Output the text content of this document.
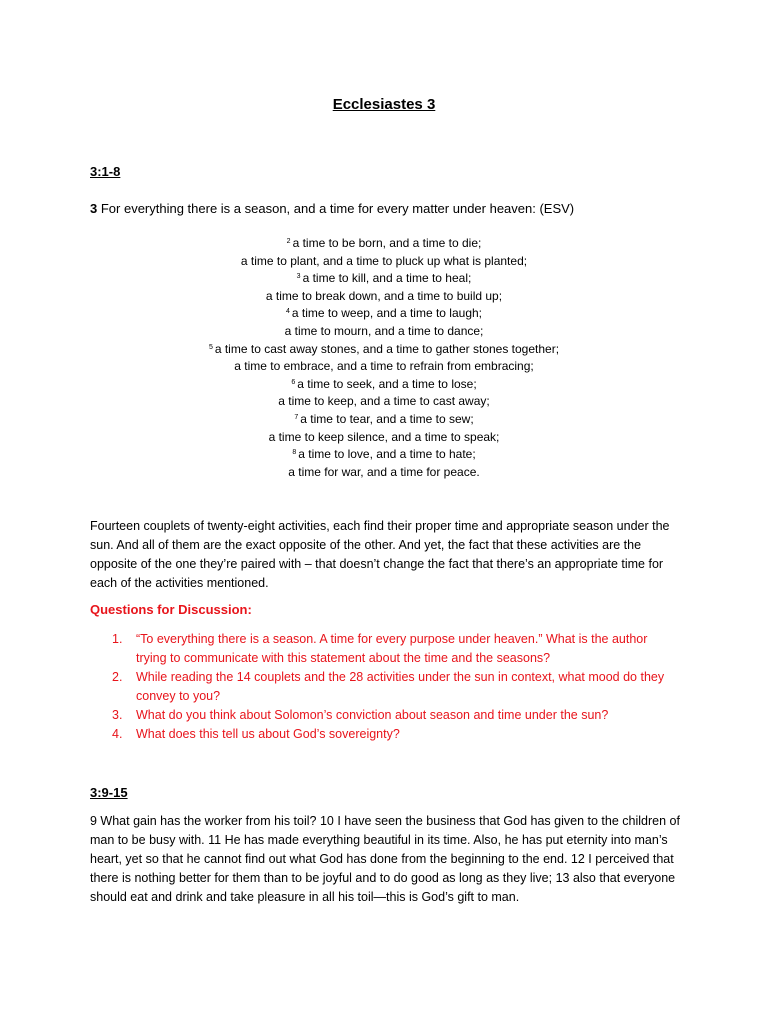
Ecclesiastes 3
3:1-8
3 For everything there is a season, and a time for every matter under heaven: (ESV)
$^2$ a time to be born, and a time to die;
a time to plant, and a time to pluck up what is planted;
$^3$ a time to kill, and a time to heal;
a time to break down, and a time to build up;
$^4$ a time to weep, and a time to laugh;
a time to mourn, and a time to dance;
$^5$ a time to cast away stones, and a time to gather stones together;
a time to embrace, and a time to refrain from embracing;
$^6$ a time to seek, and a time to lose;
a time to keep, and a time to cast away;
$^7$ a time to tear, and a time to sew;
a time to keep silence, and a time to speak;
$^8$ a time to love, and a time to hate;
a time for war, and a time for peace.
Fourteen couplets of twenty-eight activities, each find their proper time and appropriate season under the sun. And all of them are the exact opposite of the other. And yet, the fact that these activities are the opposite of the one they’re paired with – that doesn’t change the fact that there’s an appropriate time for each of the activities mentioned.
Questions for Discussion:
1. “To everything there is a season. A time for every purpose under heaven.” What is the author trying to communicate with this statement about the time and the seasons?
2. While reading the 14 couplets and the 28 activities under the sun in context, what mood do they convey to you?
3. What do you think about Solomon’s conviction about season and time under the sun?
4. What does this tell us about God’s sovereignty?
3:9-15
9 What gain has the worker from his toil? 10 I have seen the business that God has given to the children of man to be busy with. 11 He has made everything beautiful in its time. Also, he has put eternity into man’s heart, yet so that he cannot find out what God has done from the beginning to the end. 12 I perceived that there is nothing better for them than to be joyful and to do good as long as they live; 13 also that everyone should eat and drink and take pleasure in all his toil—this is God’s gift to man.
